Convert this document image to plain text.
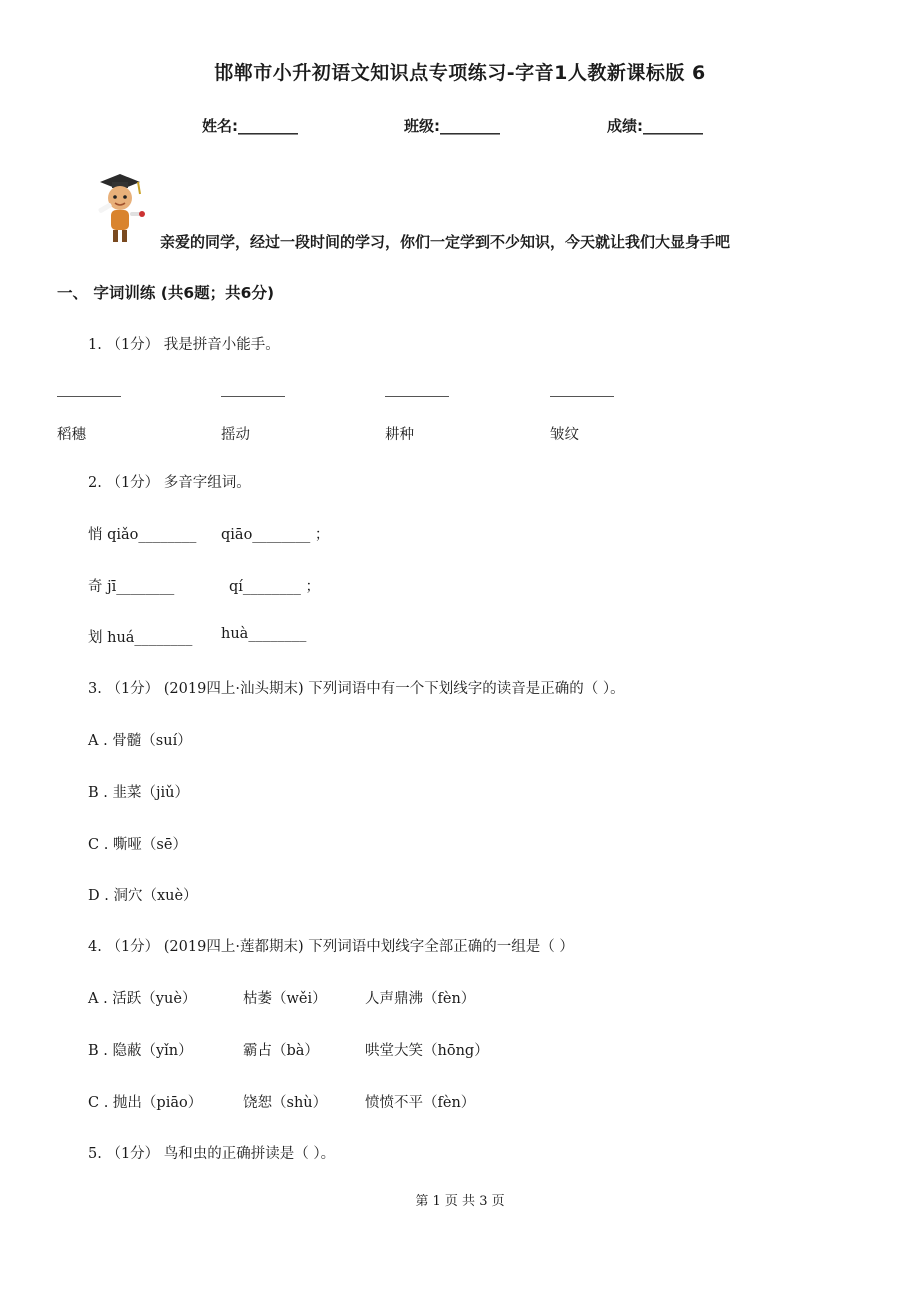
邯郸市小升初语文知识点专项练习-字音1人教新课标版 6
姓名:________	班级:________	成绩:________
亲爱的同学，经过一段时间的学习，你们一定学到不少知识，今天就让我们大显身手吧
一、 字词训练 (共6题；共6分)
1. （1分） 我是拼音小能手。
稻穗	摇动	耕种	皱纹
2. （1分） 多音字组词。
悄 qiǎo________ qiāo________ ；
奇 jī________	qí________ ；
划 huá________ huà________
3. （1分） (2019四上·汕头期末) 下列词语中有一个下划线字的读音是正确的（ ）。
A . 骨髓（suí）
B . 韭菜（jiǔ）
C . 嘶哑（sē）
D . 洞穴（xuè）
4. （1分） (2019四上·莲都期末) 下列词语中划线字全部正确的一组是（ ）
A . 活跃（yuè）	枯萎（wěi）	人声鼎沸（fèn）
B . 隐蔽（yǐn）	霸占（bà）	哄堂大笑（hōng）
C . 抛出（piāo）	饶恕（shù）	愤愤不平（fèn）
5. （1分） 鸟和虫的正确拼读是（ ）。
第 1 页 共 3 页
